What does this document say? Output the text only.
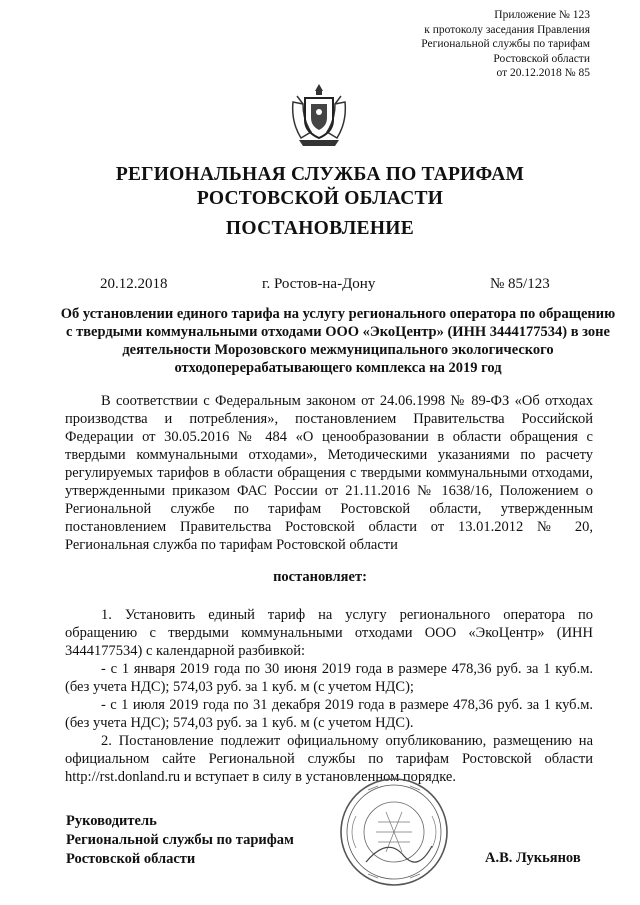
Приложение № 123
к протоколу заседания Правления
Региональной службы по тарифам
Ростовской области
от 20.12.2018 № 85
РЕГИОНАЛЬНАЯ СЛУЖБА ПО ТАРИФАМ
РОСТОВСКОЙ ОБЛАСТИ
ПОСТАНОВЛЕНИЕ
20.12.2018	г. Ростов-на-Дону	№ 85/123
Об установлении единого тарифа на услугу регионального оператора по обращению с твердыми коммунальными отходами ООО «ЭкоЦентр» (ИНН 3444177534) в зоне деятельности Морозовского межмуниципального экологического отходоперерабатывающего комплекса на 2019 год

В соответствии с Федеральным законом от 24.06.1998 № 89-ФЗ «Об отходах производства и потребления», постановлением Правительства Российской Федерации от 30.05.2016 № 484 «О ценообразовании в области обращения с твердыми коммунальными отходами», Методическими указаниями по расчету регулируемых тарифов в области обращения с твердыми коммунальными отходами, утвержденными приказом ФАС России от 21.11.2016 № 1638/16, Положением о Региональной службе по тарифам Ростовской области, утвержденным постановлением Правительства Ростовской области от 13.01.2012 № 20, Региональная служба по тарифам Ростовской области

постановляет:

1. Установить единый тариф на услугу регионального оператора по обращению с твердыми коммунальными отходами ООО «ЭкоЦентр» (ИНН 3444177534) с календарной разбивкой:

- с 1 января 2019 года по 30 июня 2019 года в размере 478,36 руб. за 1 куб.м. (без учета НДС); 574,03 руб. за 1 куб. м (с учетом НДС);

- с 1 июля 2019 года по 31 декабря 2019 года в размере 478,36 руб. за 1 куб.м. (без учета НДС); 574,03 руб. за 1 куб. м (с учетом НДС).

2. Постановление подлежит официальному опубликованию, размещению на официальном сайте Региональной службы по тарифам Ростовской области http://rst.donland.ru и вступает в силу в установленном порядке.

Руководитель
Региональной службы по тарифам
Ростовской области	А.В. Лукьянов
